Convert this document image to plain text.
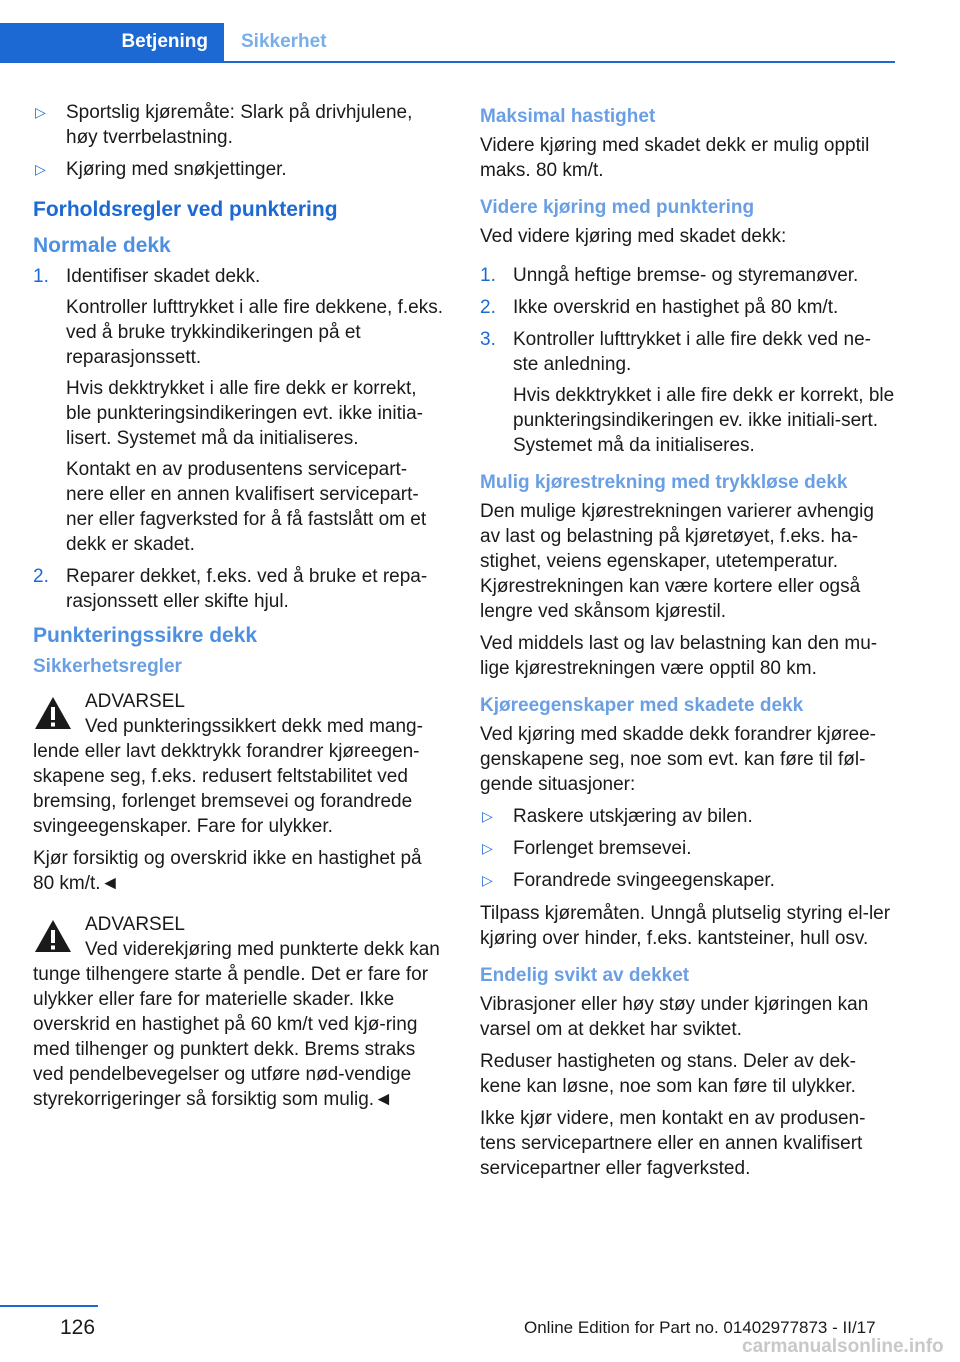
Betjening	Sikkerhet
▷ Sportslig kjøremåte: Slark på drivhjulene, høy tverrbelastning.
▷ Kjøring med snøkjettinger.
Forholdsregler ved punktering
Normale dekk
1. Identifiser skadet dekk.

Kontroller lufttrykket i alle fire dekkene, f.eks. ved å bruke trykkindikeringen på et reparasjonssett.

Hvis dekktrykket i alle fire dekk er korrekt, ble punkteringsindikeringen evt. ikke initia‐lisert. Systemet må da initialiseres.

Kontakt en av produsentens servicepart‐nere eller en annen kvalifisert servicepart‐ner eller fagverksted for å få fastslått om et dekk er skadet.

2. Reparer dekket, f.eks. ved å bruke et repa‐rasjonssett eller skifte hjul.
Punkteringssikre dekk
Sikkerhetsregler
ADVARSEL

Ved punkteringssikkert dekk med mang‐lende eller lavt dekktrykk forandrer kjøreegen‐skapene seg, f.eks. redusert feltstabilitet ved bremsing, forlenget bremsevei og forandrede svingeegenskaper. Fare for ulykker.

Kjør forsiktig og overskrid ikke en hastighet på 80 km/t.◄

ADVARSEL

Ved viderekjøring med punkterte dekk kan tunge tilhengere starte å pendle. Det er fare for ulykker eller fare for materielle skader. Ikke overskrid en hastighet på 60 km/t ved kjø‐ring med tilhenger og punktert dekk. Brems straks ved pendelbevegelser og utføre nød‐vendige styrekorrigeringer så forsiktig som mulig.◄

Maksimal hastighet

Videre kjøring med skadet dekk er mulig opptil maks. 80 km/t.

Videre kjøring med punktering

Ved videre kjøring med skadet dekk:

1. Unngå heftige bremse- og styremanøver.
2. Ikke overskrid en hastighet på 80 km/t.
3. Kontroller lufttrykket i alle fire dekk ved ne‐ste anledning.

Hvis dekktrykket i alle fire dekk er korrekt, ble punkteringsindikeringen ev. ikke initiali‐sert. Systemet må da initialiseres.

Mulig kjørestrekning med trykkløse dekk

Den mulige kjørestrekningen varierer avhengig av last og belastning på kjøretøyet, f.eks. ha‐stighet, veiens egenskaper, utetemperatur. Kjørestrekningen kan være kortere eller også lengre ved skånsom kjørestil.

Ved middels last og lav belastning kan den mu‐lige kjørestrekningen være opptil 80 km.

Kjøreegenskaper med skadete dekk

Ved kjøring med skadde dekk forandrer kjøree‐genskapene seg, noe som evt. kan føre til føl‐gende situasjoner:

▷ Raskere utskjæring av bilen.
▷ Forlenget bremsevei.
▷ Forandrede svingeegenskaper.

Tilpass kjøremåten. Unngå plutselig styring el‐ler kjøring over hinder, f.eks. kantsteiner, hull osv.

Endelig svikt av dekket

Vibrasjoner eller høy støy under kjøringen kan varsel om at dekket har sviktet.

Reduser hastigheten og stans. Deler av dek‐kene kan løsne, noe som kan føre til ulykker.

Ikke kjør videre, men kontakt en av produsen‐tens servicepartnere eller en annen kvalifisert servicepartner eller fagverksted.

126	Online Edition for Part no. 01402977873 - II/17
carmanualsonline.info
